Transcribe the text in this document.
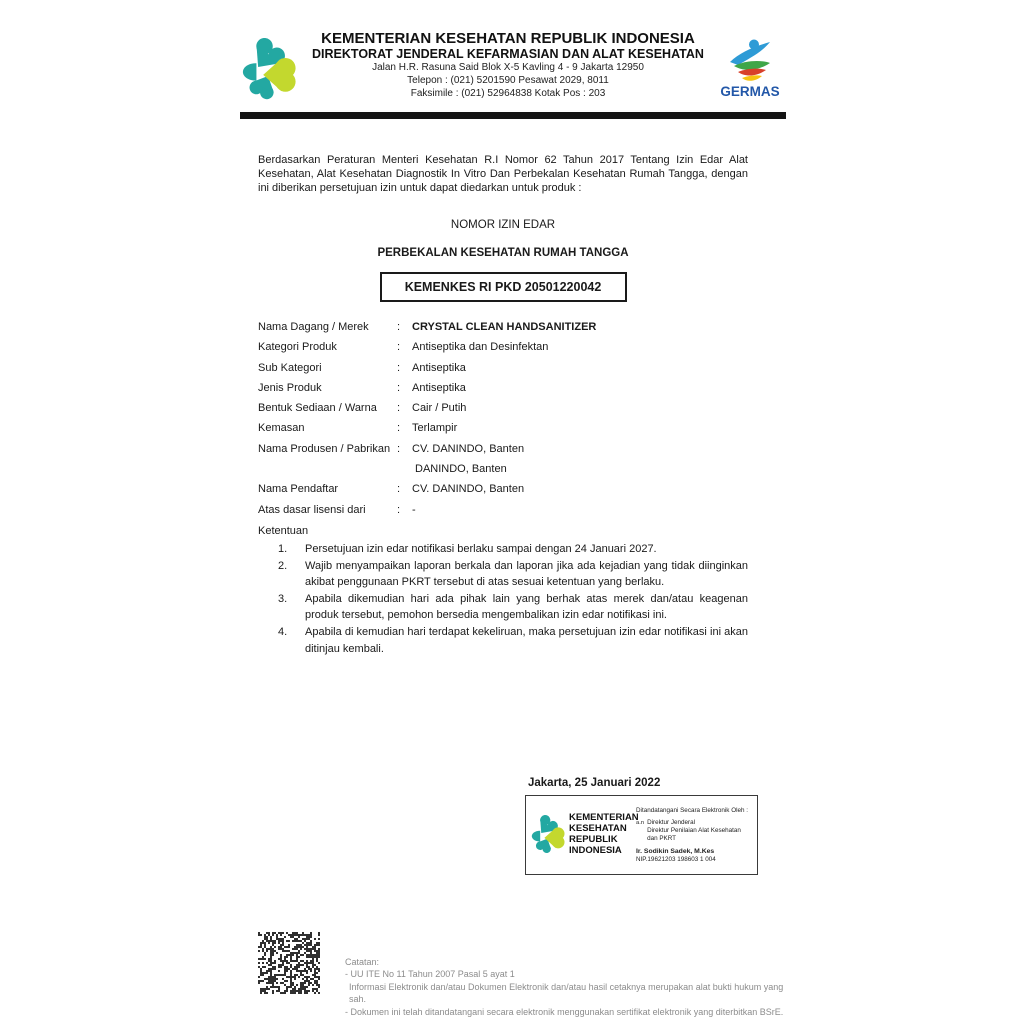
KEMENTERIAN KESEHATAN REPUBLIK INDONESIA
DIREKTORAT JENDERAL KEFARMASIAN DAN ALAT KESEHATAN
Jalan H.R. Rasuna Said Blok X-5 Kavling 4 - 9 Jakarta 12950
Telepon : (021) 5201590 Pesawat 2029, 8011
Faksimile : (021) 52964838 Kotak Pos : 203	GERMAS

Berdasarkan Peraturan Menteri Kesehatan R.I Nomor 62 Tahun 2017 Tentang Izin Edar Alat Kesehatan, Alat Kesehatan Diagnostik In Vitro Dan Perbekalan Kesehatan Rumah Tangga, dengan ini diberikan persetujuan izin untuk dapat diedarkan untuk produk :

NOMOR IZIN EDAR
PERBEKALAN KESEHATAN RUMAH TANGGA
KEMENKES RI PKD 20501220042
Nama Dagang / Merek	:	CRYSTAL CLEAN HANDSANITIZER
Kategori Produk	:	Antiseptika dan Desinfektan
Sub Kategori	:	Antiseptika
Jenis Produk	:	Antiseptika
Bentuk Sediaan / Warna	:	Cair / Putih
Kemasan	:	Terlampir
Nama Produsen / Pabrikan :	CV. DANINDO, Banten
DANINDO, Banten
Nama Pendaftar	:	CV. DANINDO, Banten
Atas dasar lisensi dari	:	-
Ketentuan
1.	Persetujuan izin edar notifikasi berlaku sampai dengan 24 Januari 2027.
2.	Wajib menyampaikan laporan berkala dan laporan jika ada kejadian yang tidak diinginkan akibat penggunaan PKRT tersebut di atas sesuai ketentuan yang berlaku.
3.	Apabila dikemudian hari ada pihak lain yang berhak atas merek dan/atau keagenan produk tersebut, pemohon bersedia mengembalikan izin edar notifikasi ini.
4.	Apabila di kemudian hari terdapat kekeliruan, maka persetujuan izin edar notifikasi ini akan ditinjau kembali.
Jakarta, 25 Januari 2022
KEMENTERIAN KESEHATAN REPUBLIK INDONESIA
Ditandatangani Secara Elektronik Oleh :
a.n Direktur Jenderal
Direktur Penilaian Alat Kesehatan dan PKRT
Ir. Sodikin Sadek, M.Kes
NIP.19621203 198603 1 004
Catatan:
- UU ITE No 11 Tahun 2007 Pasal 5 ayat 1
Informasi Elektronik dan/atau Dokumen Elektronik dan/atau hasil cetaknya merupakan alat bukti hukum yang sah.
- Dokumen ini telah ditandatangani secara elektronik menggunakan sertifikat elektronik yang diterbitkan BSrE.
